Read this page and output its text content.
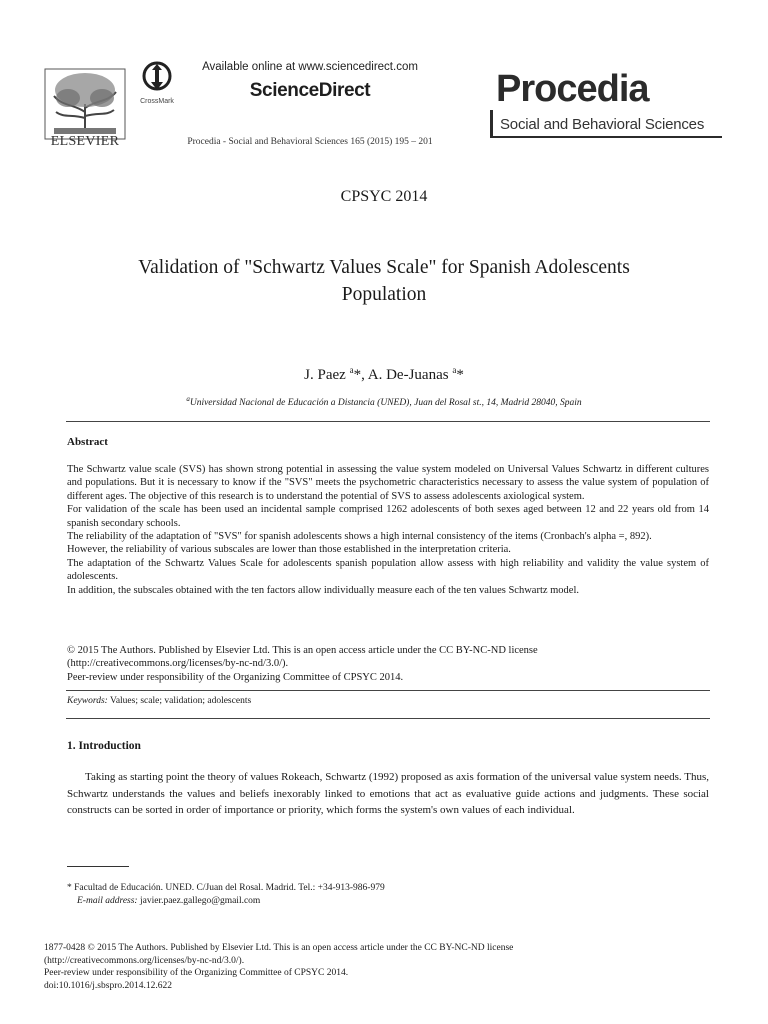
ELSEVIER
CrossMark
Available online at www.sciencedirect.com
ScienceDirect
Procedia - Social and Behavioral Sciences 165 (2015) 195 – 201
Procedia
Social and Behavioral Sciences
CPSYC 2014
Validation of "Schwartz Values Scale" for Spanish Adolescents
Population
J. Paez $^a$*, A. De-Juanas $^a$*
$^a$Universidad Nacional de Educación a Distancia (UNED), Juan del Rosal st., 14, Madrid 28040, Spain
Abstract

The Schwartz value scale (SVS) has shown strong potential in assessing the value system modeled on Universal Values Schwartz in different cultures and populations. But it is necessary to know if the "SVS" meets the psychometric characteristics necessary to assess the value system of population of different ages. The objective of this research is to understand the potential of SVS to assess adolescents axiological system.

For validation of the scale has been used an incidental sample comprised 1262 adolescents of both sexes aged between 12 and 22 years old from 14 spanish secondary schools.

The reliability of the adaptation of "SVS" for spanish adolescents shows a high internal consistency of the items (Cronbach's alpha =, 892).

However, the reliability of various subscales are lower than those established in the interpretation criteria.

The adaptation of the Schwartz Values Scale for adolescents spanish population allow assess with high reliability and validity the value system of adolescents.

In addition, the subscales obtained with the ten factors allow individually measure each of the ten values Schwartz model.

© 2015 The Authors. Published by Elsevier Ltd. This is an open access article under the CC BY-NC-ND license

(http://creativecommons.org/licenses/by-nc-nd/3.0/).

Peer-review under responsibility of the Organizing Committee of CPSYC 2014.

Keywords: Values; scale; validation; adolescents
1. Introduction
Taking as starting point the theory of values Rokeach, Schwartz (1992) proposed as axis formation of the universal value system needs. Thus, Schwartz understands the values and beliefs inexorably linked to emotions that act as evaluative guide actions and judgments. These social constructs can be sorted in order of importance or priority, which forms the system's own values of each individual.
* Facultad de Educación. UNED. C/Juan del Rosal. Madrid. Tel.: +34-913-986-979
E-mail address: javier.paez.gallego@gmail.com

1877-0428 © 2015 The Authors. Published by Elsevier Ltd. This is an open access article under the CC BY-NC-ND license

(http://creativecommons.org/licenses/by-nc-nd/3.0/).

Peer-review under responsibility of the Organizing Committee of CPSYC 2014.

doi:10.1016/j.sbspro.2014.12.622
